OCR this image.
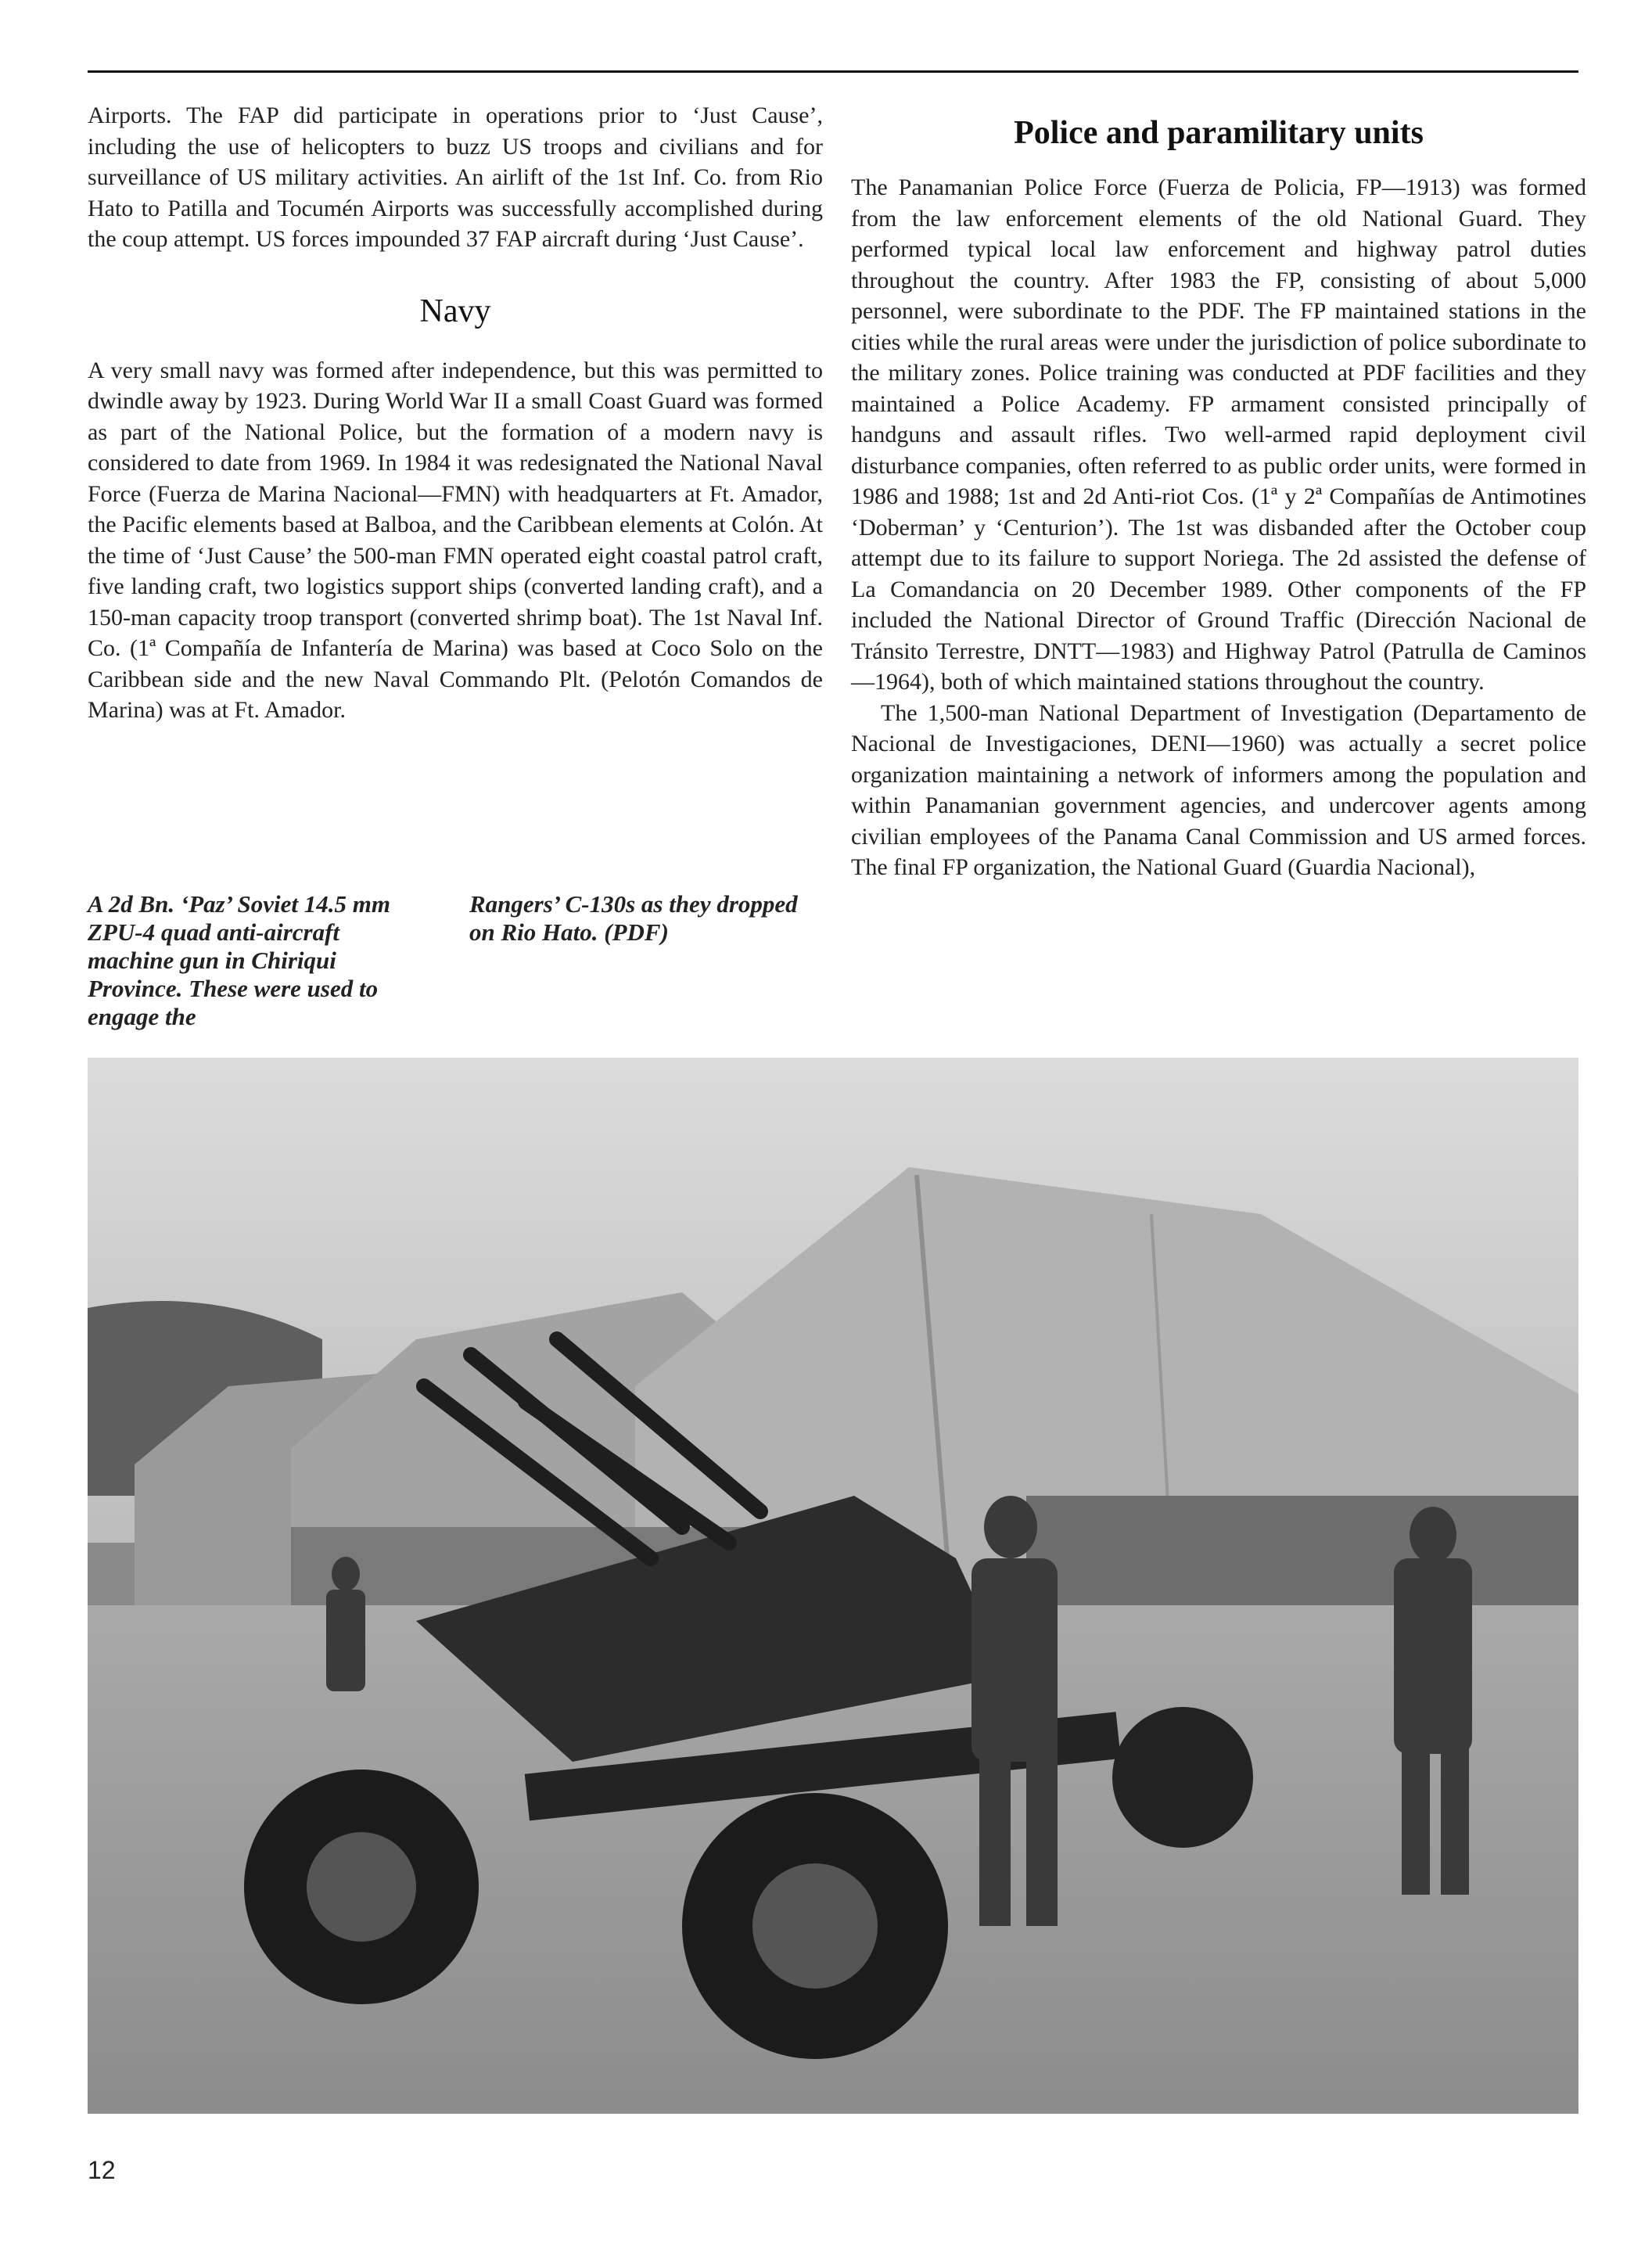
Airports. The FAP did participate in operations prior to ‘Just Cause’, including the use of helicopters to buzz US troops and civilians and for surveillance of US military activities. An airlift of the 1st Inf. Co. from Rio Hato to Patilla and Tocumén Airports was successfully accomplished during the coup attempt. US forces impounded 37 FAP aircraft during ‘Just Cause’.

Navy

A very small navy was formed after independence, but this was permitted to dwindle away by 1923. During World War II a small Coast Guard was formed as part of the National Police, but the formation of a modern navy is considered to date from 1969. In 1984 it was redesignated the National Naval Force (Fuerza de Marina Nacional—FMN) with headquarters at Ft. Amador, the Pacific elements based at Balboa, and the Caribbean elements at Colón. At the time of ‘Just Cause’ the 500-man FMN operated eight coastal patrol craft, five landing craft, two logistics support ships (converted landing craft), and a 150-man capacity troop transport (converted shrimp boat). The 1st Naval Inf. Co. (1ª Compañía de Infantería de Marina) was based at Coco Solo on the Caribbean side and the new Naval Commando Plt. (Pelotón Comandos de Marina) was at Ft. Amador.

A 2d Bn. ‘Paz’ Soviet 14.5 mm ZPU-4 quad anti-aircraft machine gun in Chiriqui Province. These were used to engage the
Rangers’ C-130s as they dropped on Rio Hato. (PDF)
Police and paramilitary units

The Panamanian Police Force (Fuerza de Policia, FP—1913) was formed from the law enforcement elements of the old National Guard. They performed typical local law enforcement and highway patrol duties throughout the country. After 1983 the FP, consisting of about 5,000 personnel, were subordinate to the PDF. The FP maintained stations in the cities while the rural areas were under the jurisdiction of police subordinate to the military zones. Police training was conducted at PDF facilities and they maintained a Police Academy. FP armament consisted principally of handguns and assault rifles. Two well-armed rapid deployment civil disturbance companies, often referred to as public order units, were formed in 1986 and 1988; 1st and 2d Anti-riot Cos. (1ª y 2ª Compañías de Antimotines ‘Doberman’ y ‘Centurion’). The 1st was disbanded after the October coup attempt due to its failure to support Noriega. The 2d assisted the defense of La Comandancia on 20 December 1989. Other components of the FP included the National Director of Ground Traffic (Dirección Nacional de Tránsito Terrestre, DNTT—1983) and Highway Patrol (Patrulla de Caminos—1964), both of which maintained stations throughout the country.

The 1,500-man National Department of Investigation (Departamento de Nacional de Investigaciones, DENI—1960) was actually a secret police organization maintaining a network of informers among the population and within Panamanian government agencies, and undercover agents among civilian employees of the Panama Canal Commission and US armed forces. The final FP organization, the National Guard (Guardia Nacional),

12
